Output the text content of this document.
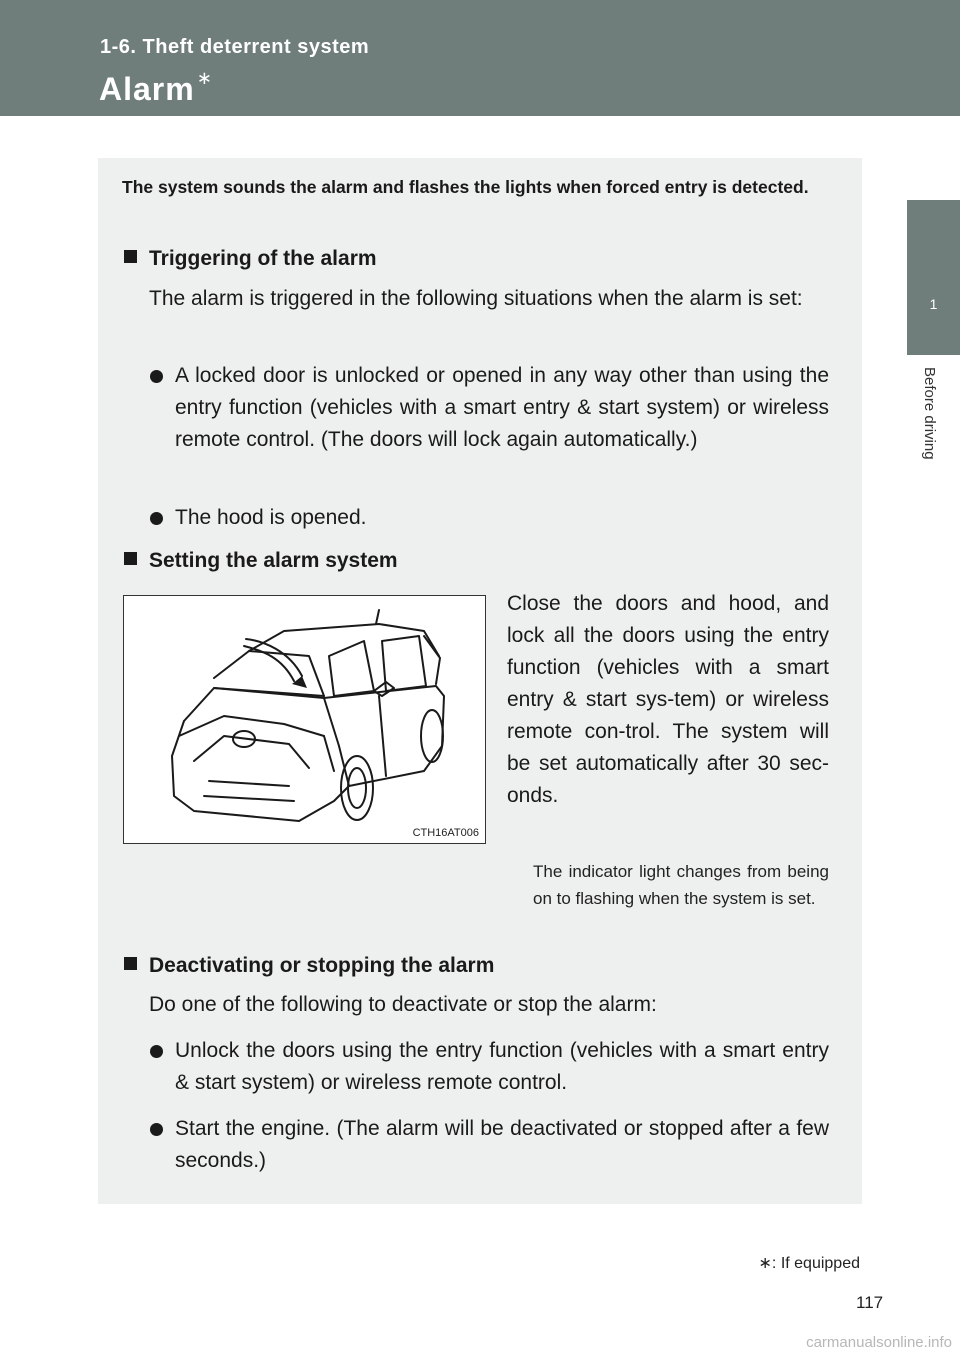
1-6. Theft deterrent system
Alarm ∗
1
Before driving
The system sounds the alarm and flashes the lights when forced entry is detected.
Triggering of the alarm
The alarm is triggered in the following situations when the alarm is set:
A locked door is unlocked or opened in any way other than using the entry function (vehicles with a smart entry & start system) or wireless remote control. (The doors will lock again automatically.)
The hood is opened.
Setting the alarm system
CTH16AT006
Close the doors and hood, and lock all the doors using the entry function (vehicles with a smart entry & start sys-tem) or wireless remote con-trol. The system will be set automatically after 30 sec-onds.
The indicator light changes from being on to flashing when the system is set.
Deactivating or stopping the alarm
Do one of the following to deactivate or stop the alarm:
Unlock the doors using the entry function (vehicles with a smart entry & start system) or wireless remote control.
Start the engine. (The alarm will be deactivated or stopped after a few seconds.)
∗: If equipped
117
carmanualsonline.info
